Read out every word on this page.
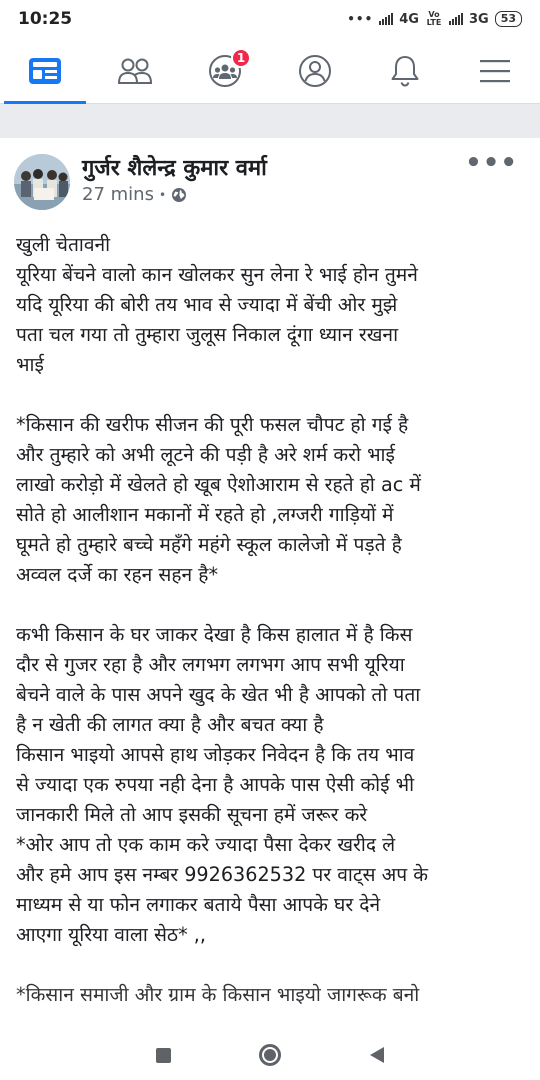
10:25	••• 4G	Vo LTE 3G	53
1
गुर्जर शैलेन्द्र कुमार वर्मा
27 mins •
•••
खुली चेतावनी
यूरिया बेंचने वालो कान खोलकर सुन लेना रे भाई होन तुमने
यदि यूरिया की बोरी तय भाव से ज्यादा में बेंची ओर मुझे
पता चल गया तो तुम्हारा जुलूस निकाल दूंगा ध्यान रखना
भाई
*किसान की खरीफ सीजन की पूरी फसल चौपट हो गई है
और तुम्हारे को अभी लूटने की पड़ी है अरे शर्म करो भाई
लाखो करोड़ो में खेलते हो खूब ऐशोआराम से रहते हो ac में
सोते हो आलीशान मकानों में रहते हो ,लग्जरी गाड़ियों में
घूमते हो तुम्हारे बच्चे महँगे महंगे स्कूल कालेजो में पड़ते है
अव्वल दर्जे का रहन सहन है*
कभी किसान के घर जाकर देखा है किस हालात में है किस
दौर से गुजर रहा है और लगभग लगभग आप सभी यूरिया
बेचने वाले के पास अपने खुद के खेत भी है आपको तो पता
है न खेती की लागत क्या है और बचत क्या है
किसान भाइयो आपसे हाथ जोड़कर निवेदन है कि तय भाव
से ज्यादा एक रुपया नही देना है आपके पास ऐसी कोई भी
जानकारी मिले तो आप इसकी सूचना हमें जरूर करे
*ओर आप तो एक काम करे ज्यादा पैसा देकर खरीद ले
और हमे आप इस नम्बर 9926362532 पर वाट्स अप के
माध्यम से या फोन लगाकर बताये पैसा आपके घर देने
आएगा यूरिया वाला सेठ* ,,
*किसान समाजी और ग्राम के किसान भाइयो जागरूक बनो
